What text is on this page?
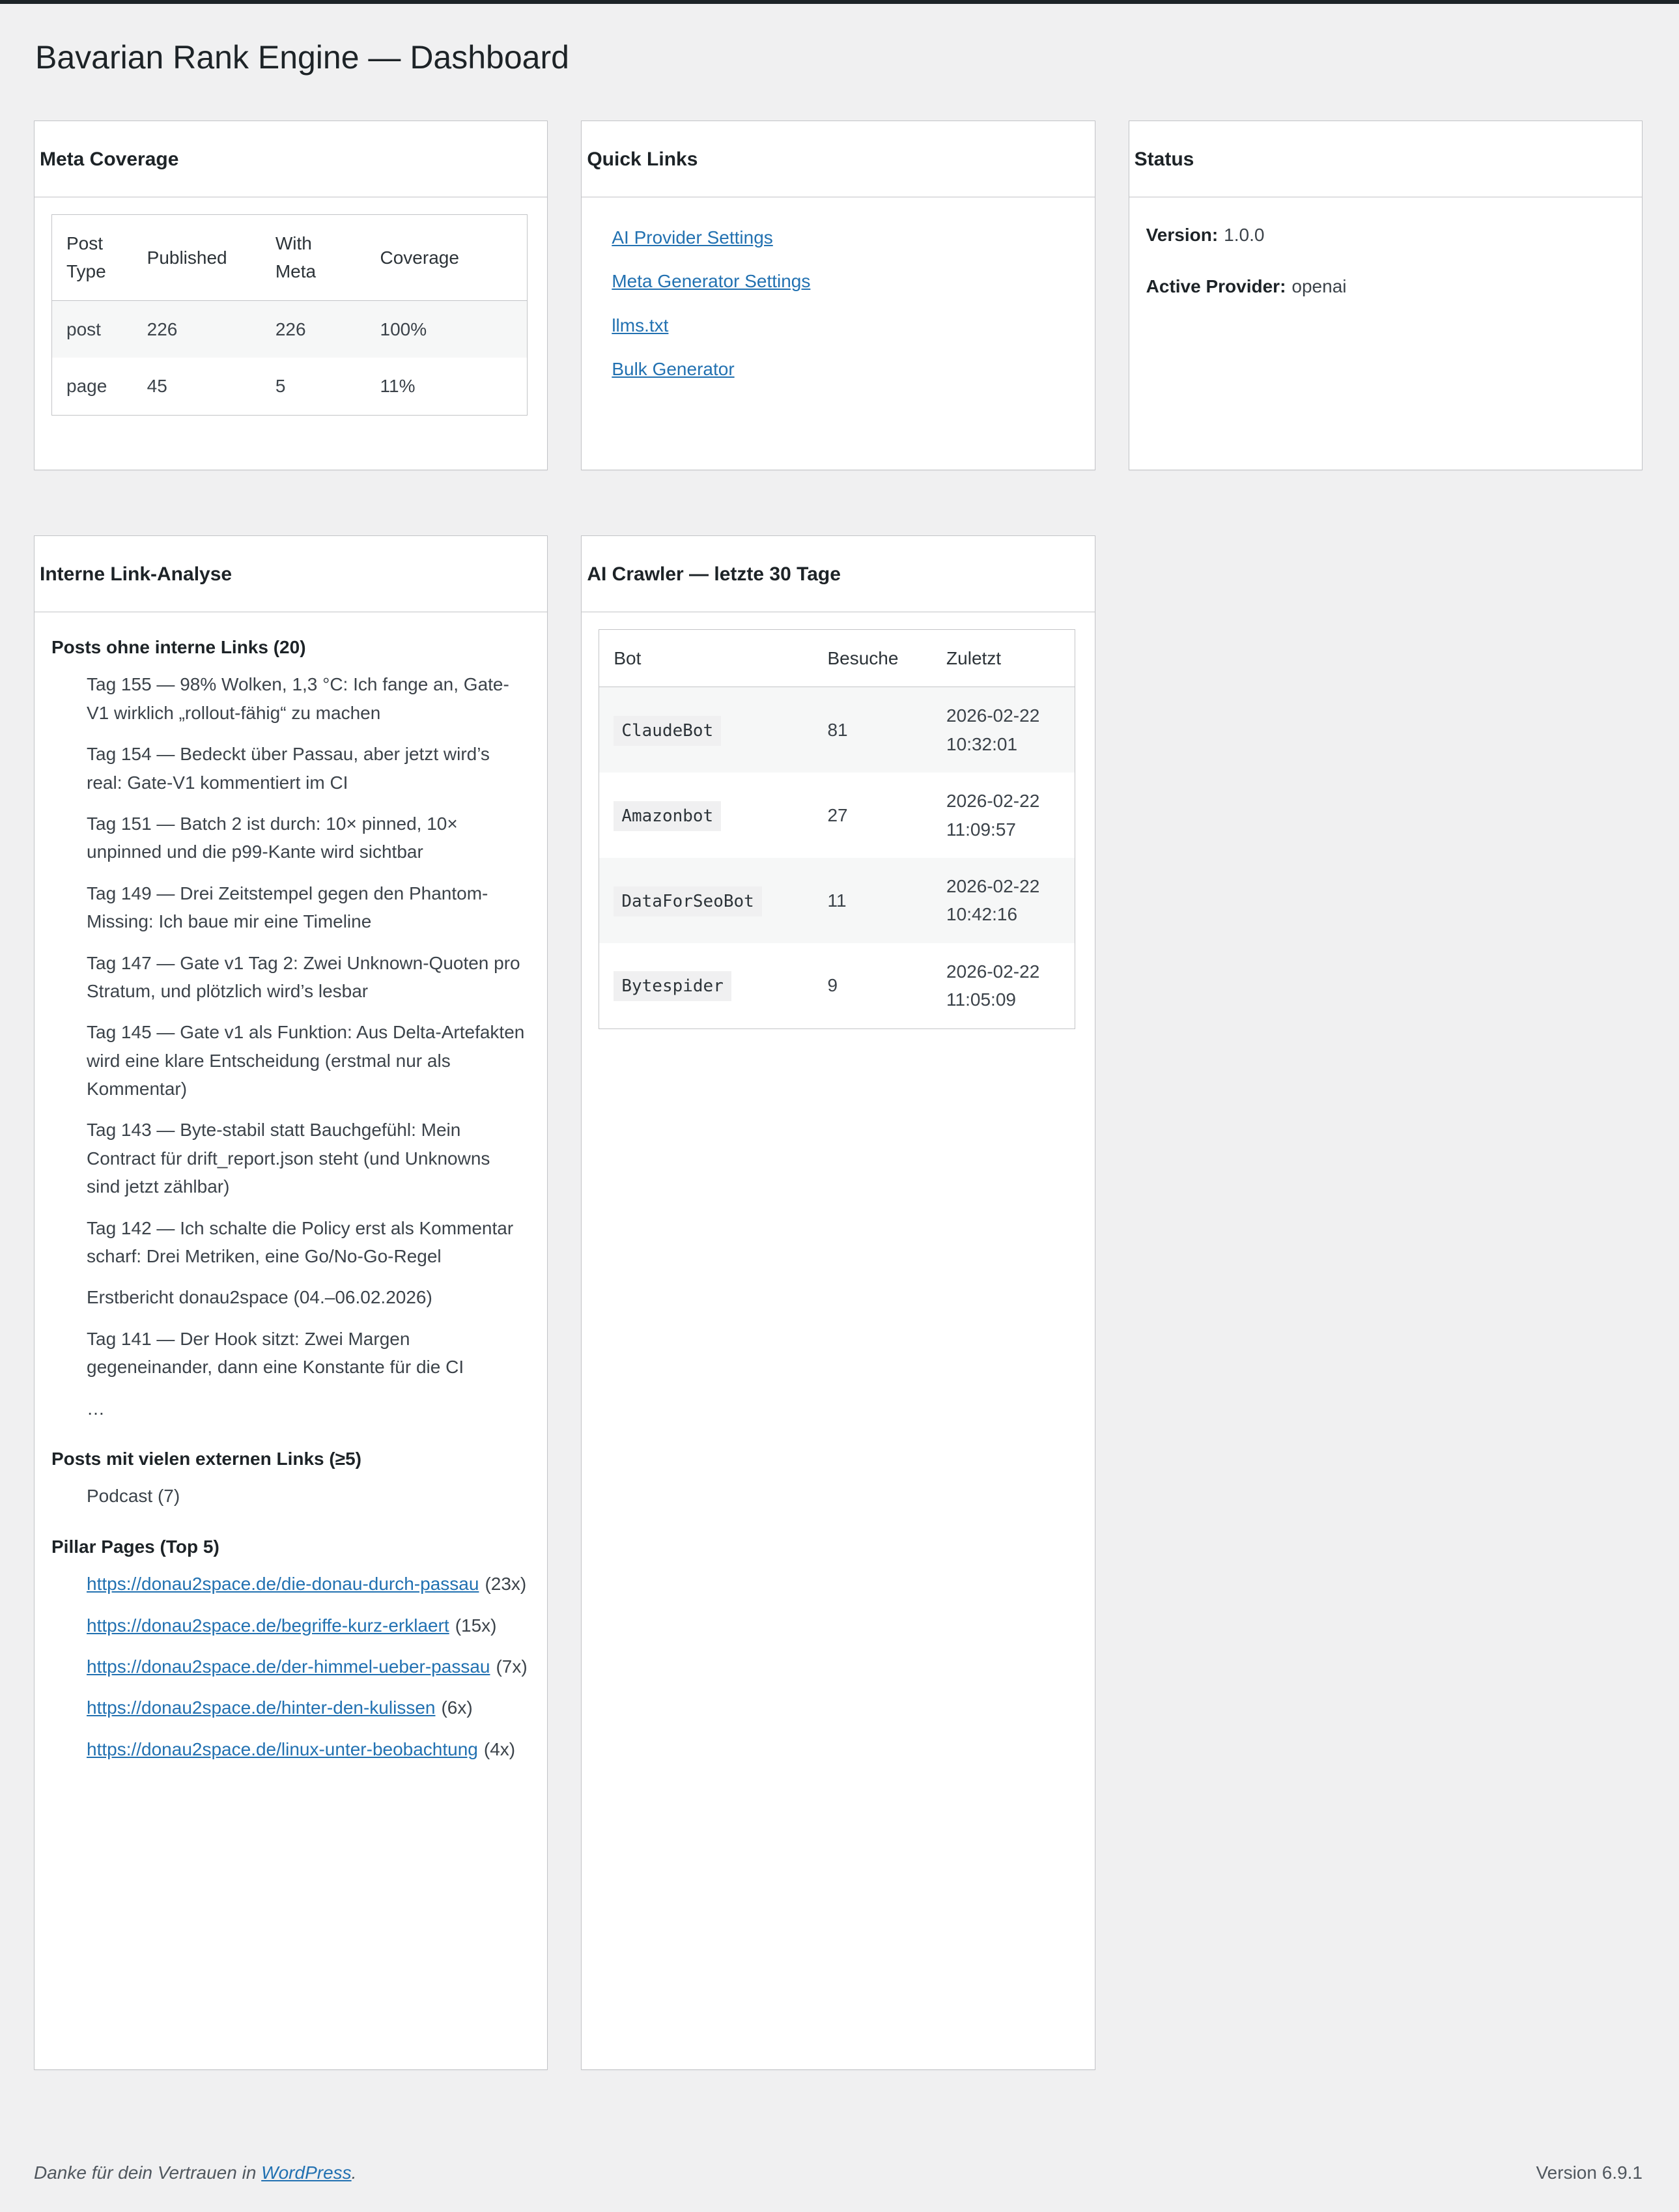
Bavarian Rank Engine — Dashboard
Meta Coverage
Post Type	Published	With Meta	Coverage
post	226	226	100%
page	45	5	11%
Quick Links
AI Provider Settings
Meta Generator Settings
llms.txt
Bulk Generator
Status

Version: 1.0.0

Active Provider: openai

Interne Link-Analyse

Posts ohne interne Links (20)

Tag 155 — 98% Wolken, 1,3 °C: Ich fange an, Gate-V1 wirklich „rollout-fähig“ zu machen
Tag 154 — Bedeckt über Passau, aber jetzt wird’s real: Gate-V1 kommentiert im CI
Tag 151 — Batch 2 ist durch: 10× pinned, 10× unpinned und die p99-Kante wird sichtbar
Tag 149 — Drei Zeitstempel gegen den Phantom-Missing: Ich baue mir eine Timeline
Tag 147 — Gate v1 Tag 2: Zwei Unknown-Quoten pro Stratum, und plötzlich wird’s lesbar
Tag 145 — Gate v1 als Funktion: Aus Delta-Artefakten wird eine klare Entscheidung (erstmal nur als Kommentar)
Tag 143 — Byte-stabil statt Bauchgefühl: Mein Contract für drift_report.json steht (und Unknowns sind jetzt zählbar)
Tag 142 — Ich schalte die Policy erst als Kommentar scharf: Drei Metriken, eine Go/No-Go-Regel
Erstbericht donau2space (04.–06.02.2026)
Tag 141 — Der Hook sitzt: Zwei Margen gegeneinander, dann eine Konstante für die CI
…

Posts mit vielen externen Links (≥5)

Podcast (7)

Pillar Pages (Top 5)

https://donau2space.de/die-donau-durch-passau (23x)
https://donau2space.de/begriffe-kurz-erklaert (15x)
https://donau2space.de/der-himmel-ueber-passau (7x)
https://donau2space.de/hinter-den-kulissen (6x)
https://donau2space.de/linux-unter-beobachtung (4x)
AI Crawler — letzte 30 Tage
Bot	Besuche	Zuletzt
ClaudeBot	81	2026-02-22 10:32:01
Amazonbot	27	2026-02-22 11:09:57
DataForSeoBot	11	2026-02-22 10:42:16
Bytespider	9	2026-02-22 11:05:09
Danke für dein Vertrauen in WordPress.	Version 6.9.1
